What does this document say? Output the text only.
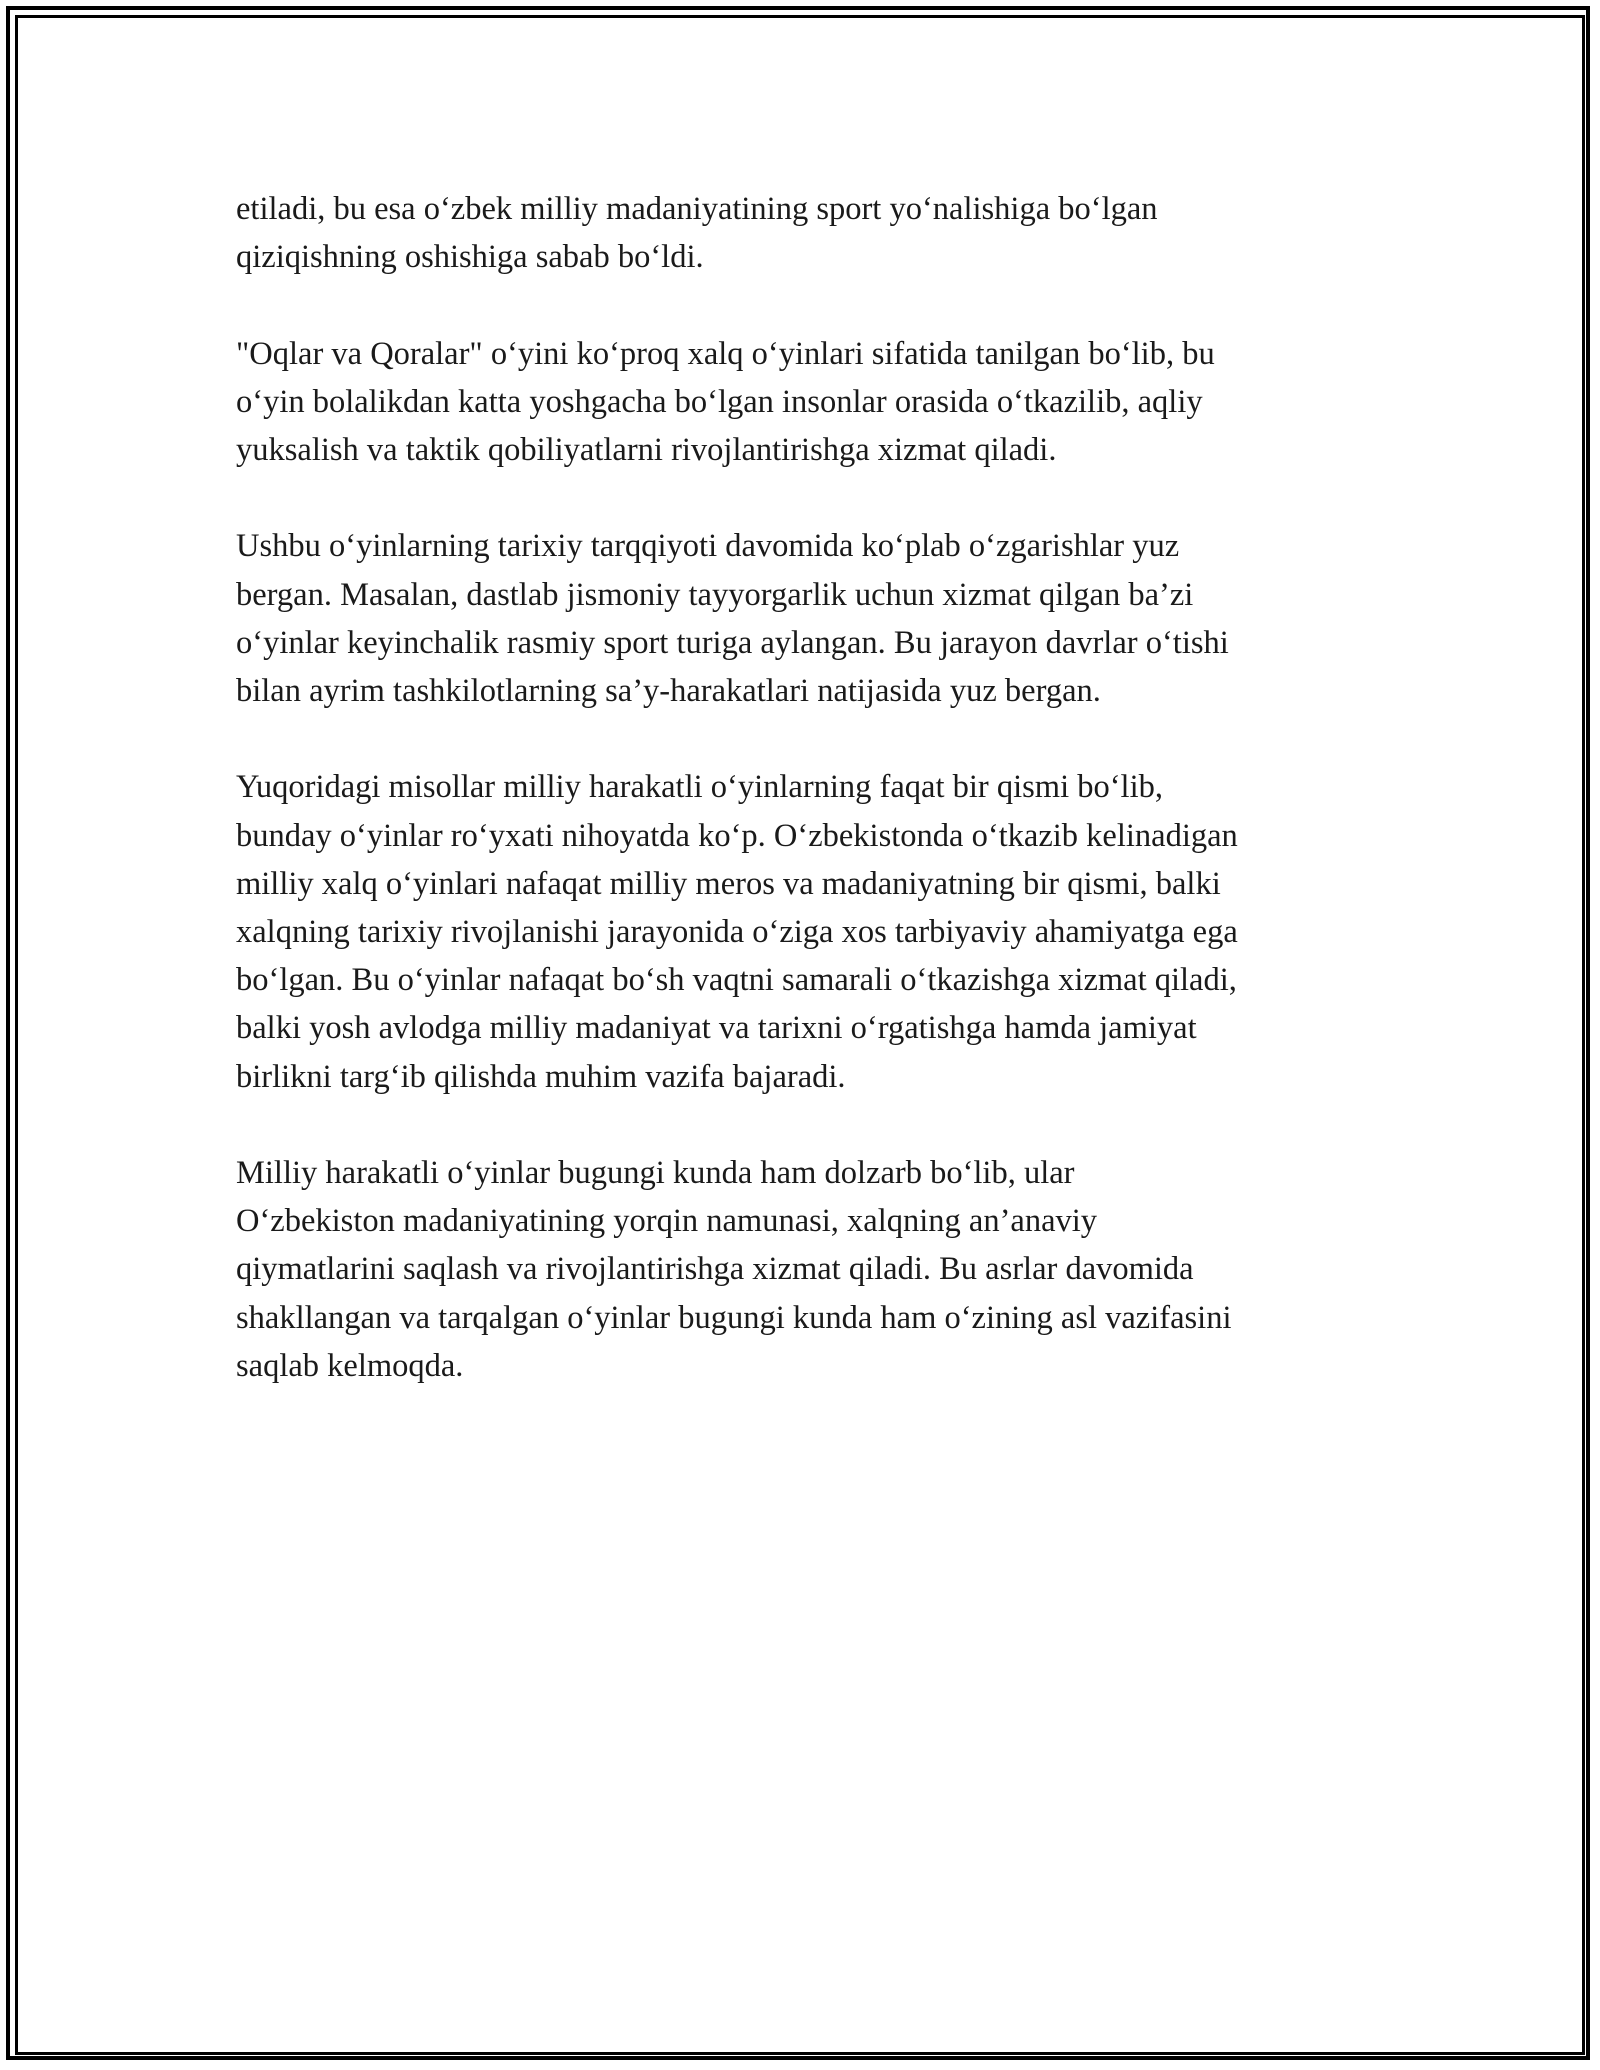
etiladi, bu esa o‘zbek milliy madaniyatining sport yo‘nalishiga bo‘lgan
qiziqishning oshishiga sabab bo‘ldi.

"Oqlar va Qoralar" o‘yini ko‘proq xalq o‘yinlari sifatida tanilgan bo‘lib, bu
o‘yin bolalikdan katta yoshgacha bo‘lgan insonlar orasida o‘tkazilib, aqliy
yuksalish va taktik qobiliyatlarni rivojlantirishga xizmat qiladi.

Ushbu o‘yinlarning tarixiy tarqqiyoti davomida ko‘plab o‘zgarishlar yuz
bergan. Masalan, dastlab jismoniy tayyorgarlik uchun xizmat qilgan ba’zi
o‘yinlar keyinchalik rasmiy sport turiga aylangan. Bu jarayon davrlar o‘tishi
bilan ayrim tashkilotlarning sa’y-harakatlari natijasida yuz bergan.

Yuqoridagi misollar milliy harakatli o‘yinlarning faqat bir qismi bo‘lib,
bunday o‘yinlar ro‘yxati nihoyatda ko‘p. O‘zbekistonda o‘tkazib kelinadigan
milliy xalq o‘yinlari nafaqat milliy meros va madaniyatning bir qismi, balki
xalqning tarixiy rivojlanishi jarayonida o‘ziga xos tarbiyaviy ahamiyatga ega
bo‘lgan. Bu o‘yinlar nafaqat bo‘sh vaqtni samarali o‘tkazishga xizmat qiladi,
balki yosh avlodga milliy madaniyat va tarixni o‘rgatishga hamda jamiyat
birlikni targ‘ib qilishda muhim vazifa bajaradi.

Milliy harakatli o‘yinlar bugungi kunda ham dolzarb bo‘lib, ular
O‘zbekiston madaniyatining yorqin namunasi, xalqning an’anaviy
qiymatlarini saqlash va rivojlantirishga xizmat qiladi. Bu asrlar davomida
shakllangan va tarqalgan o‘yinlar bugungi kunda ham o‘zining asl vazifasini
saqlab kelmoqda.
